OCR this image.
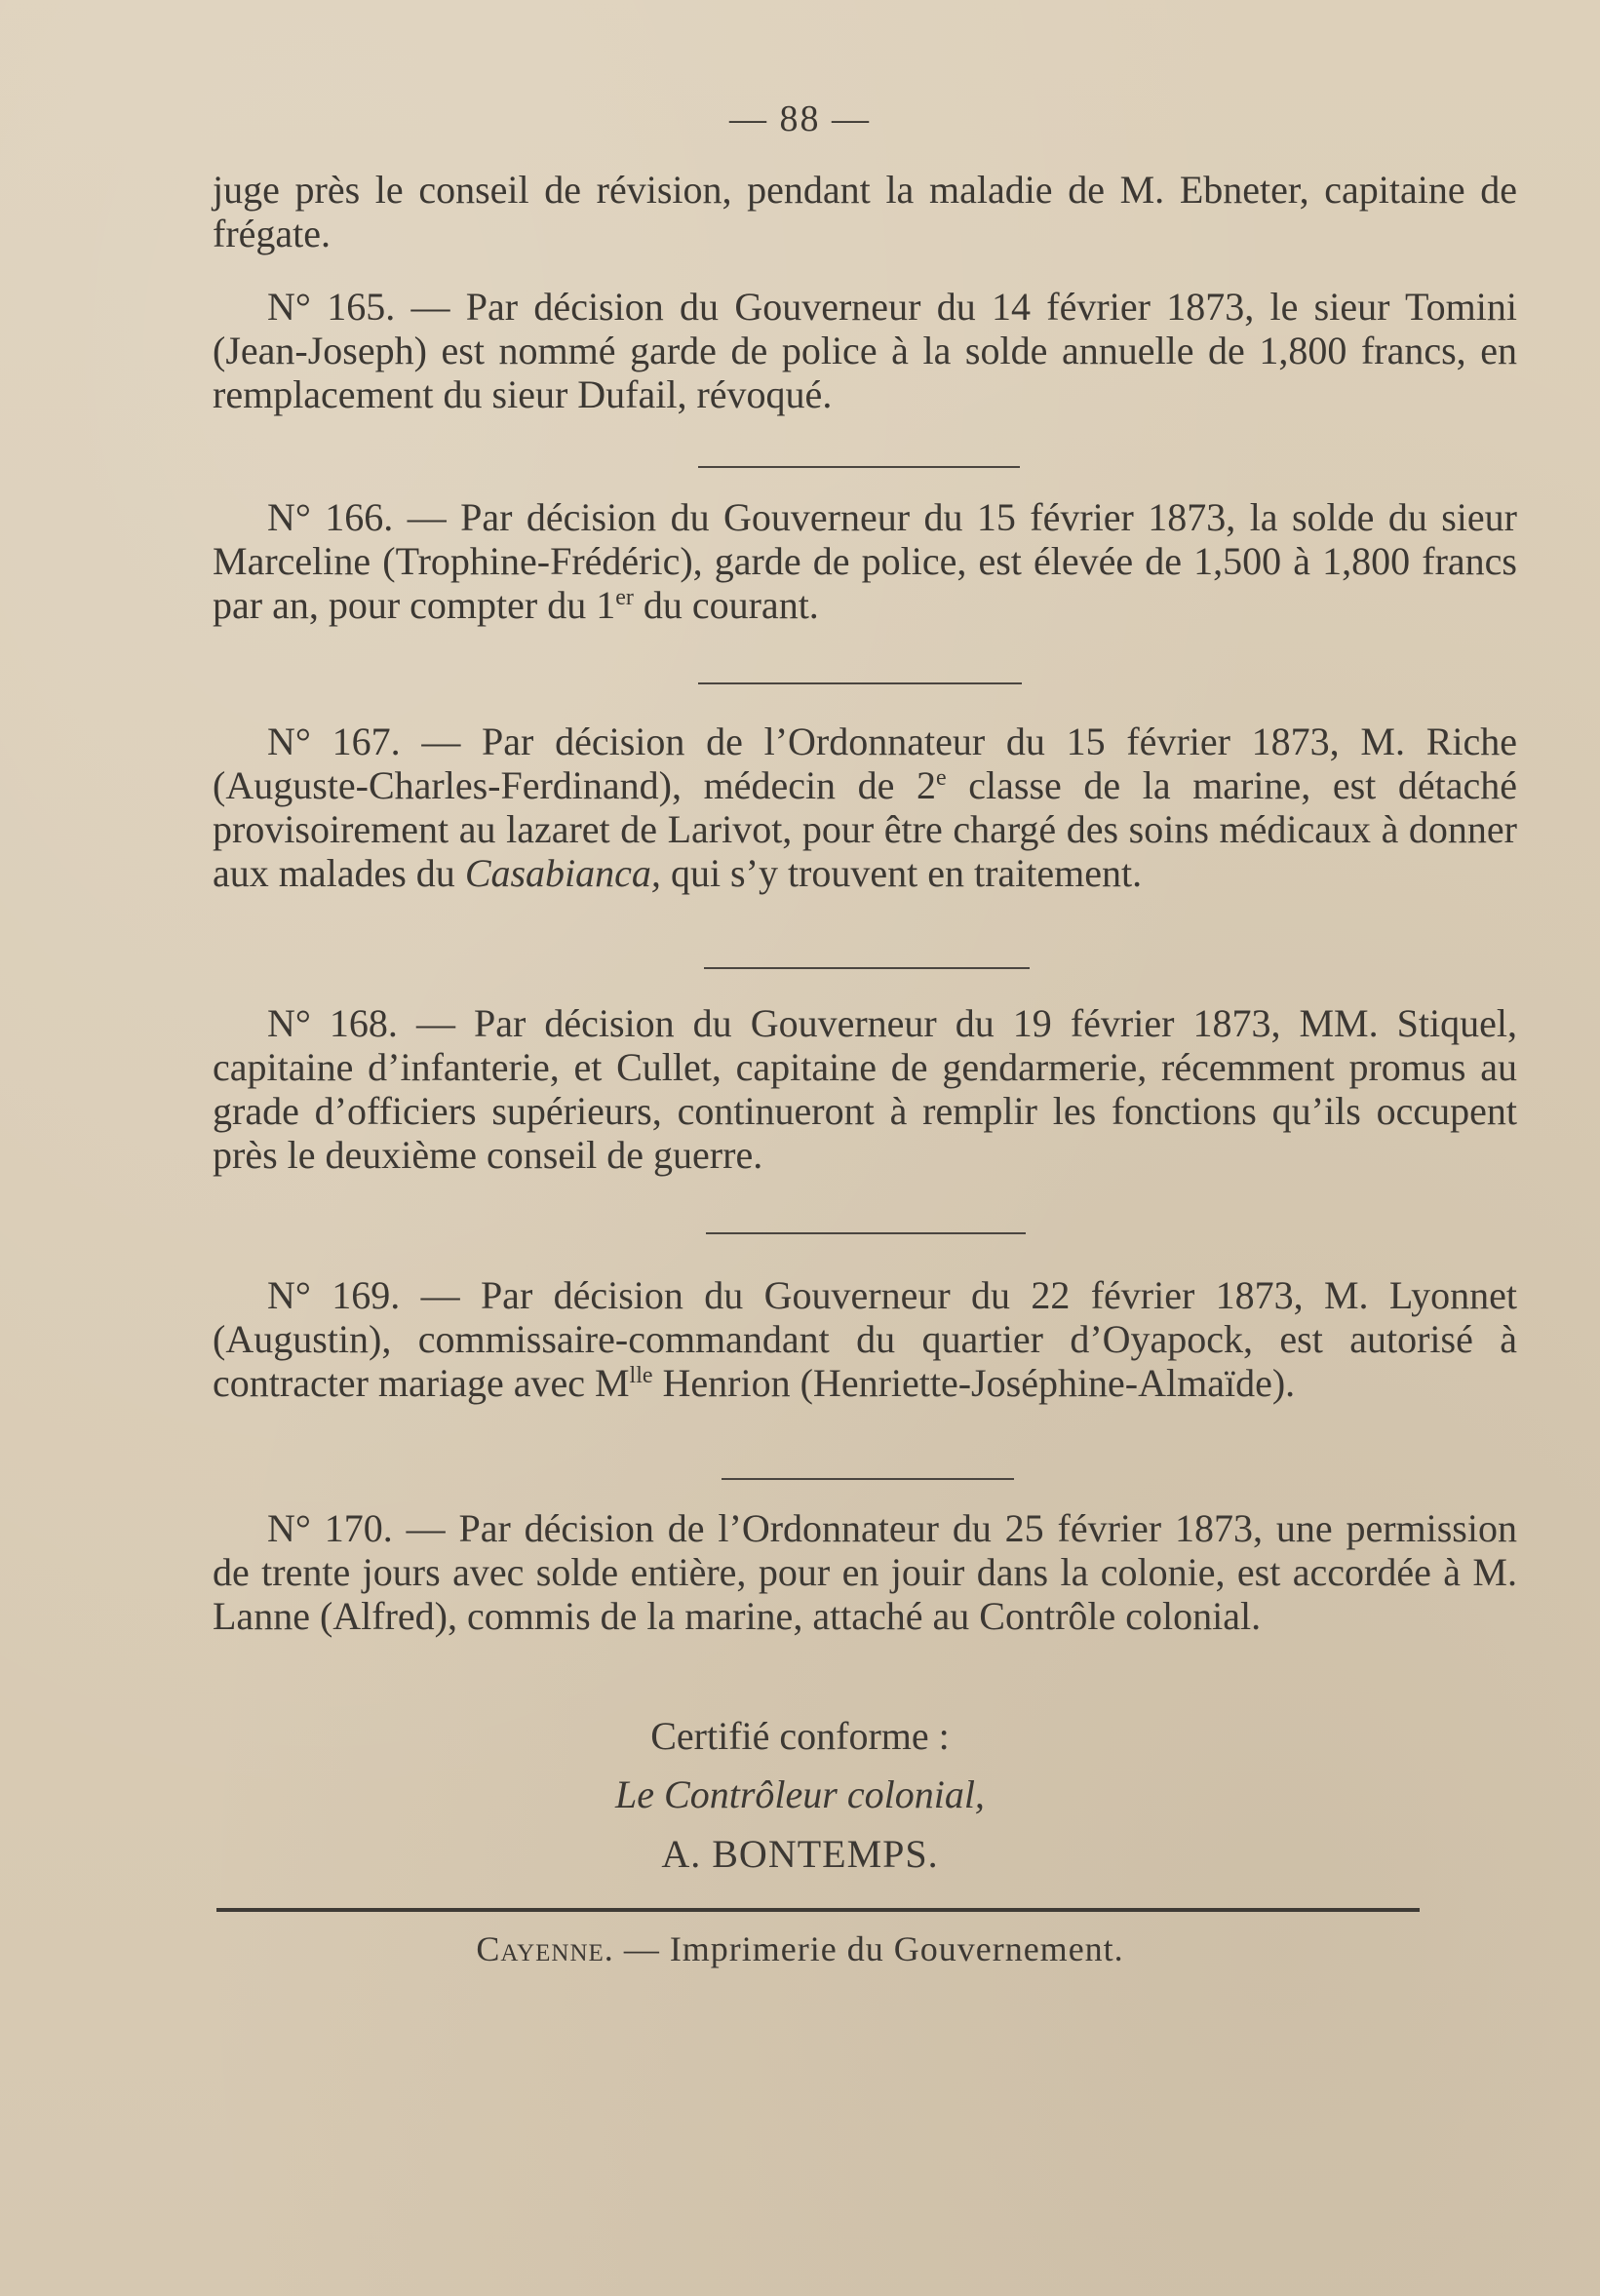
— 88 —

juge près le conseil de révision, pendant la maladie de M. Ebneter, capitaine de frégate.

N° 165. — Par décision du Gouverneur du 14 février 1873, le sieur Tomini (Jean-Joseph) est nommé garde de police à la solde annuelle de 1,800 francs, en remplacement du sieur Dufail, révoqué.

N° 166. — Par décision du Gouverneur du 15 février 1873, la solde du sieur Marceline (Trophine-Frédéric), garde de police, est élevée de 1,500 à 1,800 francs par an, pour compter du 1er du courant.

N° 167. — Par décision de l’Ordonnateur du 15 février 1873, M. Riche (Auguste-Charles-Ferdinand), médecin de 2e classe de la marine, est détaché provisoirement au lazaret de Larivot, pour être chargé des soins médicaux à donner aux malades du Casabianca, qui s’y trouvent en traitement.

N° 168. — Par décision du Gouverneur du 19 février 1873, MM. Stiquel, capitaine d’infanterie, et Cullet, capitaine de gendarmerie, récemment promus au grade d’officiers supérieurs, continueront à remplir les fonctions qu’ils occupent près le deuxième conseil de guerre.

N° 169. — Par décision du Gouverneur du 22 février 1873, M. Lyonnet (Augustin), commissaire-commandant du quartier d’Oyapock, est autorisé à contracter mariage avec $M^{lle}$ Henrion (Henriette-Joséphine-Almaïde).

N° 170. — Par décision de l’Ordonnateur du 25 février 1873, une permission de trente jours avec solde entière, pour en jouir dans la colonie, est accordée à M. Lanne (Alfred), commis de la marine, attaché au Contrôle colonial.

Certifié conforme :

Le Contrôleur colonial,

A. BONTEMPS.

Cayenne. — Imprimerie du Gouvernement.
